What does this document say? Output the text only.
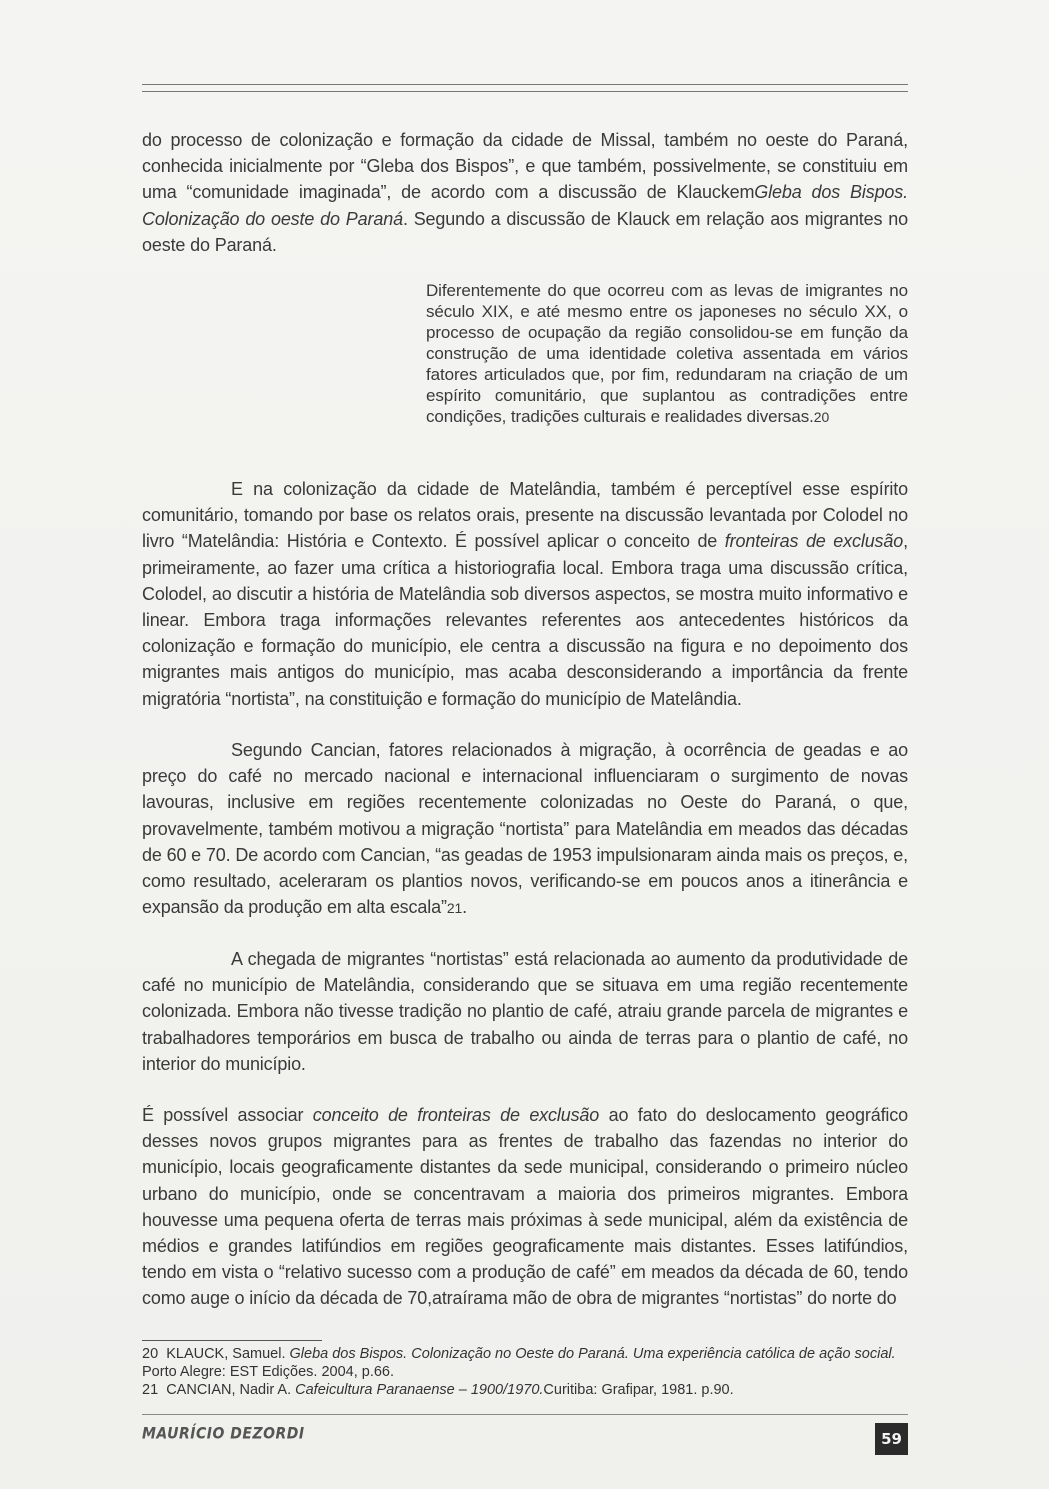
do processo de colonização e formação da cidade de Missal, também no oeste do Paraná, conhecida inicialmente por “Gleba dos Bispos”, e que também, possivelmente, se constituiu em uma “comunidade imaginada”, de acordo com a discussão de KlauckemGleba dos Bispos. Colonização do oeste do Paraná. Segundo a discussão de Klauck em relação aos migrantes no oeste do Paraná.

Diferentemente do que ocorreu com as levas de imigrantes no século XIX, e até mesmo entre os japoneses no século XX, o processo de ocupação da região consolidou-se em função da construção de uma identidade coletiva assentada em vários fatores articulados que, por fim, redundaram na criação de um espírito comunitário, que suplantou as contradições entre condições, tradições culturais e realidades diversas.20

E na colonização da cidade de Matelândia, também é perceptível esse espírito comunitário, tomando por base os relatos orais, presente na discussão levantada por Colodel no livro “Matelândia: História e Contexto. É possível aplicar o conceito de fronteiras de exclusão, primeiramente, ao fazer uma crítica a historiografia local. Embora traga uma discussão crítica, Colodel, ao discutir a história de Matelândia sob diversos aspectos, se mostra muito informativo e linear. Embora traga informações relevantes referentes aos antecedentes históricos da colonização e formação do município, ele centra a discussão na figura e no depoimento dos migrantes mais antigos do município, mas acaba desconsiderando a importância da frente migratória “nortista”, na constituição e formação do município de Matelândia.

Segundo Cancian, fatores relacionados à migração, à ocorrência de geadas e ao preço do café no mercado nacional e internacional influenciaram o surgimento de novas lavouras, inclusive em regiões recentemente colonizadas no Oeste do Paraná, o que, provavelmente, também motivou a migração “nortista” para Matelândia em meados das décadas de 60 e 70. De acordo com Cancian, “as geadas de 1953 impulsionaram ainda mais os preços, e, como resultado, aceleraram os plantios novos, verificando-se em poucos anos a itinerância e expansão da produção em alta escala”21.

A chegada de migrantes “nortistas” está relacionada ao aumento da produtividade de café no município de Matelândia, considerando que se situava em uma região recentemente colonizada. Embora não tivesse tradição no plantio de café, atraiu grande parcela de migrantes e trabalhadores temporários em busca de trabalho ou ainda de terras para o plantio de café, no interior do município.

É possível associar conceito de fronteiras de exclusão ao fato do deslocamento geográfico desses novos grupos migrantes para as frentes de trabalho das fazendas no interior do município, locais geograficamente distantes da sede municipal, considerando o primeiro núcleo urbano do município, onde se concentravam a maioria dos primeiros migrantes. Embora houvesse uma pequena oferta de terras mais próximas à sede municipal, além da existência de médios e grandes latifúndios em regiões geograficamente mais distantes. Esses latifúndios, tendo em vista o “relativo sucesso com a produção de café” em meados da década de 60, tendo como auge o início da década de 70,atraírama mão de obra de migrantes “nortistas” do norte do

20 KLAUCK, Samuel. Gleba dos Bispos. Colonização no Oeste do Paraná. Uma experiência católica de ação social. Porto Alegre: EST Edições. 2004, p.66.

21 CANCIAN, Nadir A. Cafeicultura Paranaense – 1900/1970.Curitiba: Grafipar, 1981. p.90.

MAURÍCIO DEZORDI	59
